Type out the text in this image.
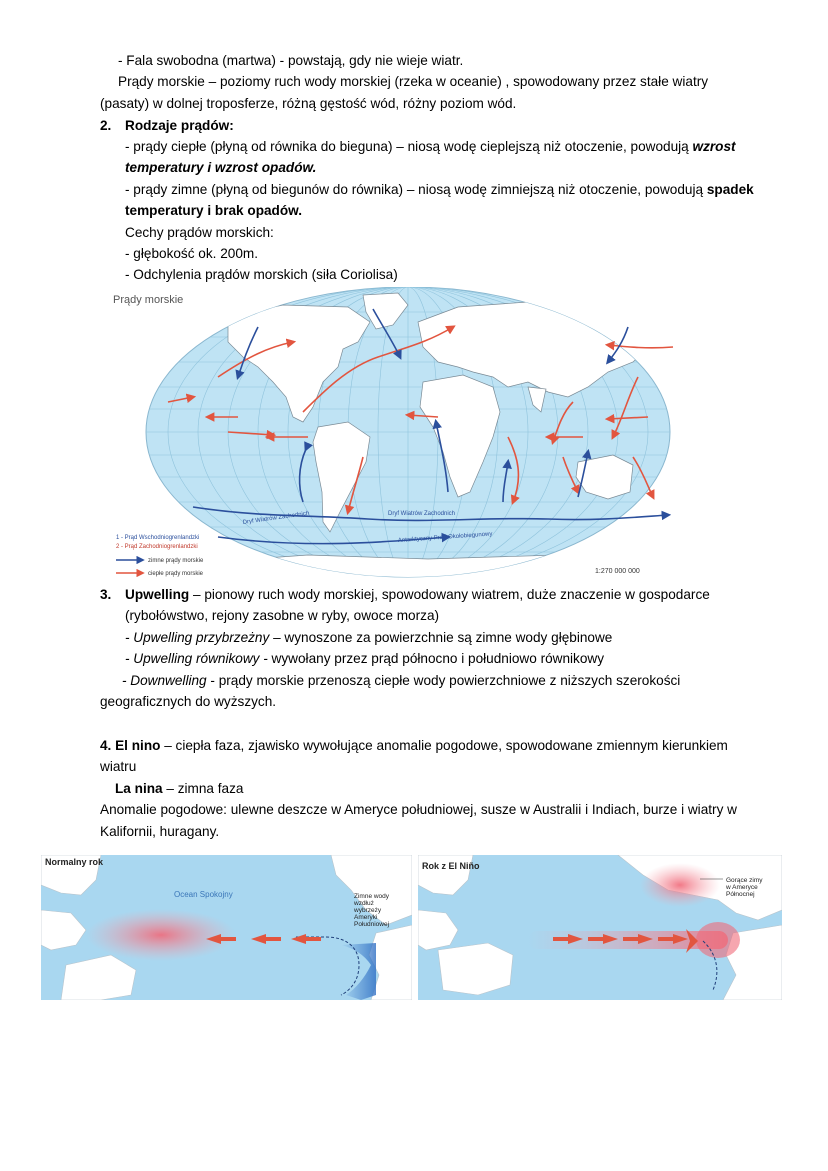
- Fala swobodna (martwa) - powstają, gdy nie wieje wiatr.
Prądy morskie – poziomy ruch wody morskiej (rzeka w oceanie) , spowodowany przez stałe wiatry
(pasaty) w dolnej troposferze, różną gęstość wód, różny poziom wód.
2. Rodzaje prądów:
- prądy ciepłe (płyną od równika do bieguna) – niosą wodę cieplejszą niż otoczenie, powodują wzrost
temperatury i wzrost opadów.
- prądy zimne (płyną od biegunów do równika) – niosą wodę zimniejszą niż otoczenie, powodują spadek
temperatury i brak opadów.
Cechy prądów morskich:
- głębokość ok. 200m.
- Odchylenia prądów morskich (siła Coriolisa)
Prądy morskie
Dryf Wiatrów Zachodnich	Dryf Wiatrów Zachodnich
Antarktyczny Prąd Okołobiegunowy
1 - Prąd Wschodniogrenlandzki
2 - Prąd Zachodniogrenlandzki
zimne prądy morskie
ciepłe prądy morskie	1:270 000 000
3. Upwelling – pionowy ruch wody morskiej, spowodowany wiatrem, duże znaczenie w gospodarce
(rybołówstwo, rejony zasobne w ryby, owoce morza)
- Upwelling przybrzeżny – wynoszone za powierzchnie są zimne wody głębinowe
- Upwelling równikowy - wywołany przez prąd północno i południowo równikowy
- Downwelling - prądy morskie przenoszą ciepłe wody powierzchniowe z niższych szerokości
geograficznych do wyższych.
4. El nino – ciepła faza, zjawisko wywołujące anomalie pogodowe, spowodowane zmiennym kierunkiem
wiatru
La nina – zimna faza
Anomalie pogodowe: ulewne deszcze w Ameryce południowej, susze w Australii i Indiach, burze i wiatry w
Kalifornii, huragany.
Normalny rok
Ocean Spokojny	Zimne wody
wzdłuż
wybrzeży
Ameryki
Południowej
Rok z El Niño
Gorące zimy
w Ameryce
Północnej
